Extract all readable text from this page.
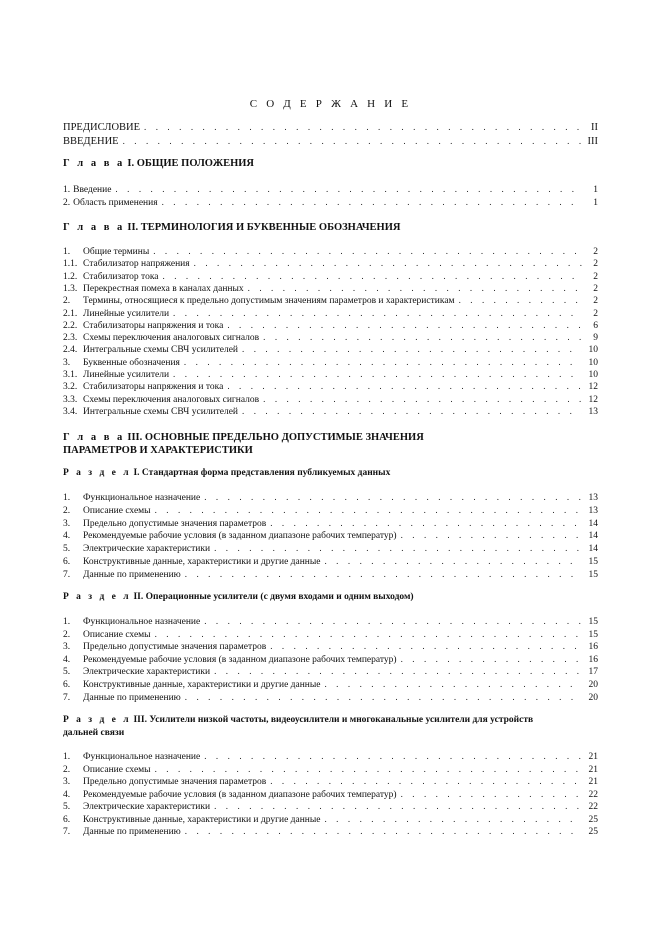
С О Д Е Р Ж А Н И Е
ПРЕДИСЛОВИЕ . . .	II
ВВЕДЕНИЕ . . .	III
Г л а в а I. ОБЩИЕ ПОЛОЖЕНИЯ
1. Введение . . .	1
2. Область применения . . .	1
Г л а в а II. ТЕРМИНОЛОГИЯ И БУКВЕННЫЕ ОБОЗНАЧЕНИЯ
1.	Общие термины . . .	2
1.1. Стабилизатор напряжения . . .	2
1.2. Стабилизатор тока . . .	2
1.3. Перекрестная помеха в каналах данных . . .	2
2.	Термины, относящиеся к предельно допустимым значениям параметров и характеристикам . . .	2
2.1. Линейные усилители . . .	2
2.2. Стабилизаторы напряжения и тока . . .	6
2.3. Схемы переключения аналоговых сигналов . . .	9
2.4. Интегральные схемы СВЧ усилителей . . .	10
3.	Буквенные обозначения . . .	10
3.1. Линейные усилители . . .	10
3.2. Стабилизаторы напряжения и тока . . .	12
3.3. Схемы переключения аналоговых сигналов . . .	12
3.4. Интегральные схемы СВЧ усилителей . . .	13
Г л а в а III. ОСНОВНЫЕ ПРЕДЕЛЬНО ДОПУСТИМЫЕ ЗНАЧЕНИЯ
ПАРАМЕТРОВ И ХАРАКТЕРИСТИКИ
Р а з д е л I. Стандартная форма представления публикуемых данных
1.	Функциональное назначение . . .	13
2.	Описание схемы . . .	13
3.	Предельно допустимые значения параметров . . .	14
4.	Рекомендуемые рабочие условия (в заданном диапазоне рабочих температур) . . .	14
5.	Электрические характеристики . . .	14
6.	Конструктивные данные, характеристики и другие данные . . .	15
7.	Данные по применению . . .	15
Р а з д е л II. Операционные усилители (с двумя входами и одним выходом)
1.	Функциональное назначение . . .	15
2.	Описание схемы . . .	15
3.	Предельно допустимые значения параметров . . .	16
4.	Рекомендуемые рабочие условия (в заданном диапазоне рабочих температур) . . .	16
5.	Электрические характеристики . . .	17
6.	Конструктивные данные, характеристики и другие данные . . .	20
7.	Данные по применению . . .	20
Р а з д е л III. Усилители низкой частоты, видеоусилители и многоканальные усилители для устройств
дальней связи
1.	Функциональное назначение . . .	21
2.	Описание схемы . . .	21
3.	Предельно допустимые значения параметров . . .	21
4.	Рекомендуемые рабочие условия (в заданном диапазоне рабочих температур) . . .	22
5.	Электрические характеристики . . .	22
6.	Конструктивные данные, характеристики и другие данные . . .	25
7.	Данные по применению . . .	25
